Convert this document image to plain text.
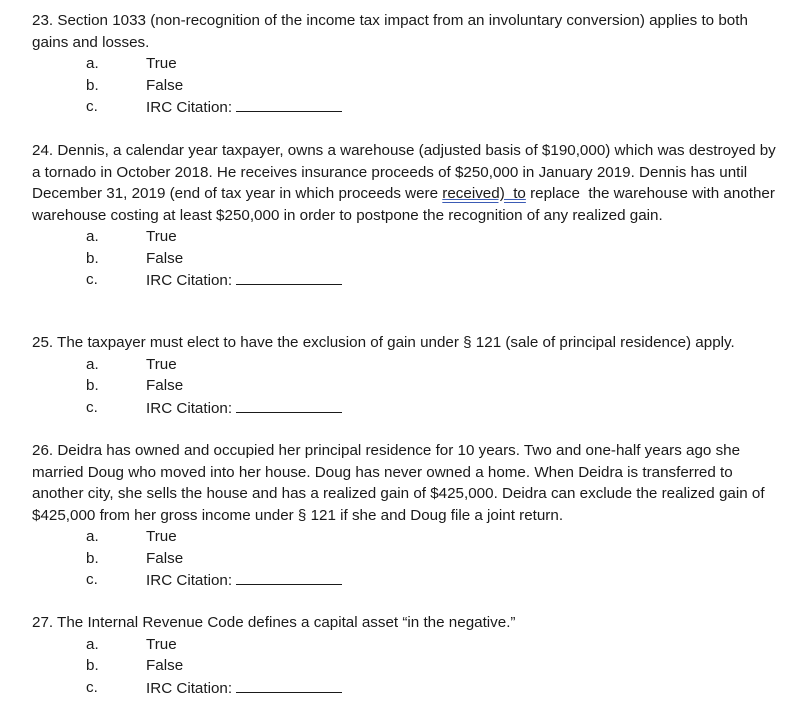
23. Section 1033 (non-recognition of the income tax impact from an involuntary conversion) applies to both gains and losses.

a.	True
b.	False
c.	IRC Citation:

24. Dennis, a calendar year taxpayer, owns a warehouse (adjusted basis of $190,000) which was destroyed by a tornado in October 2018. He receives insurance proceeds of $250,000 in January 2019. Dennis has until December 31, 2019 (end of tax year in which proceeds were received)  to replace  the warehouse with another warehouse costing at least $250,000 in order to postpone the recognition of any realized gain.

a.	True
b.	False
c.	IRC Citation:

25. The taxpayer must elect to have the exclusion of gain under § 121 (sale of principal residence) apply.

a.	True
b.	False
c.	IRC Citation:

26. Deidra has owned and occupied her principal residence for 10 years. Two and one-half years ago she married Doug who moved into her house. Doug has never owned a home. When Deidra is transferred to another city, she sells the house and has a realized gain of $425,000. Deidra can exclude the realized gain of $425,000 from her gross income under § 121 if she and Doug file a joint return.

a.	True
b.	False
c.	IRC Citation:

27. The Internal Revenue Code defines a capital asset “in the negative.”

a.	True
b.	False
c.	IRC Citation:
